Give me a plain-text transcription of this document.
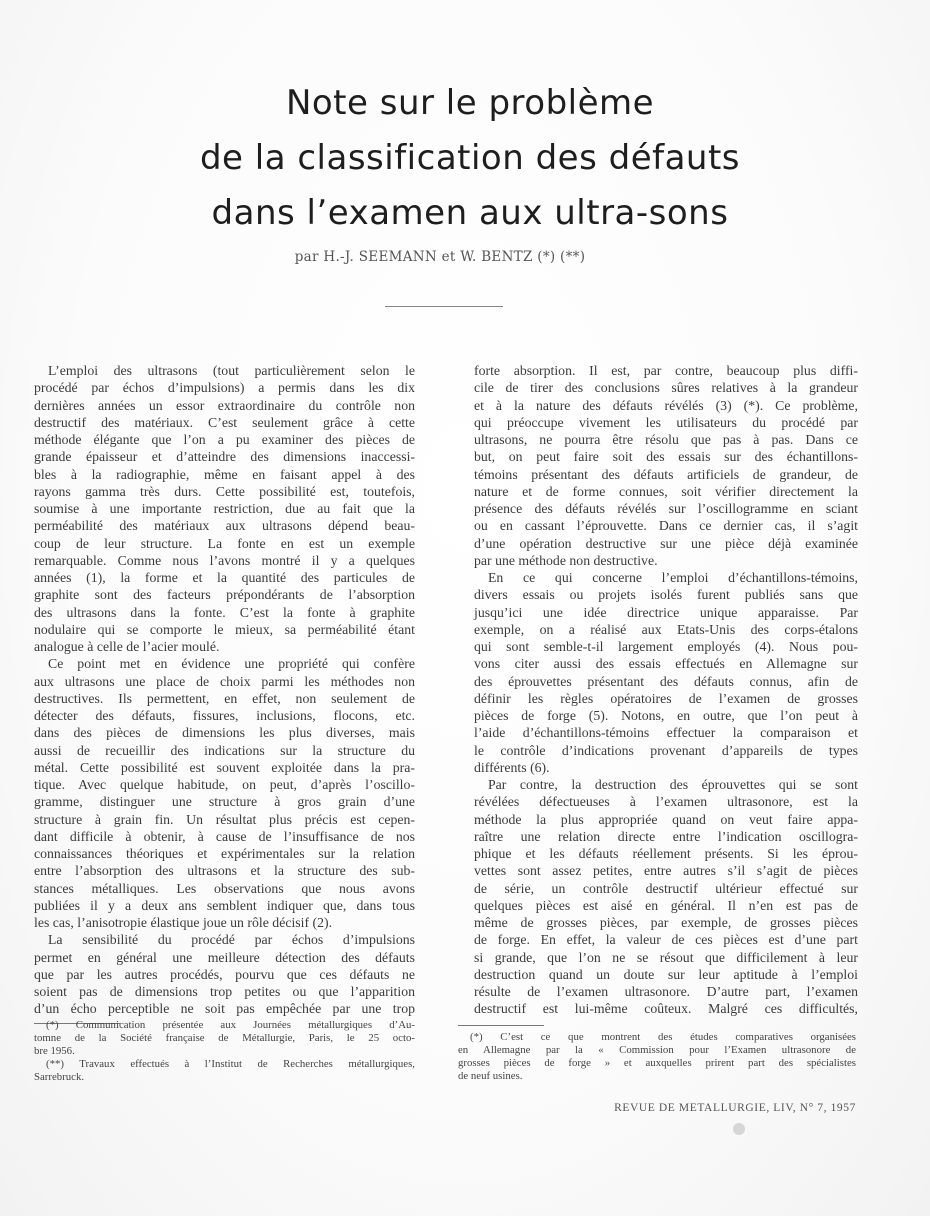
Note sur le problème
de la classification des défauts
dans l’examen aux ultra-sons
par H.-J. SEEMANN et W. BENTZ (*) (**)
L’emploi des ultrasons (tout particulièrement selon le
procédé par échos d’impulsions) a permis dans les dix
dernières années un essor extraordinaire du contrôle non
destructif des matériaux. C’est seulement grâce à cette
méthode élégante que l’on a pu examiner des pièces de
grande épaisseur et d’atteindre des dimensions inaccessi-
bles à la radiographie, même en faisant appel à des
rayons gamma très durs. Cette possibilité est, toutefois,
soumise à une importante restriction, due au fait que la
perméabilité des matériaux aux ultrasons dépend beau-
coup de leur structure. La fonte en est un exemple
remarquable. Comme nous l’avons montré il y a quelques
années (1), la forme et la quantité des particules de
graphite sont des facteurs prépondérants de l’absorption
des ultrasons dans la fonte. C’est la fonte à graphite
nodulaire qui se comporte le mieux, sa perméabilité étant
analogue à celle de l’acier moulé.
Ce point met en évidence une propriété qui confère
aux ultrasons une place de choix parmi les méthodes non
destructives. Ils permettent, en effet, non seulement de
détecter des défauts, fissures, inclusions, flocons, etc.
dans des pièces de dimensions les plus diverses, mais
aussi de recueillir des indications sur la structure du
métal. Cette possibilité est souvent exploitée dans la pra-
tique. Avec quelque habitude, on peut, d’après l’oscillo-
gramme, distinguer une structure à gros grain d’une
structure à grain fin. Un résultat plus précis est cepen-
dant difficile à obtenir, à cause de l’insuffisance de nos
connaissances théoriques et expérimentales sur la relation
entre l’absorption des ultrasons et la structure des sub-
stances métalliques. Les observations que nous avons
publiées il y a deux ans semblent indiquer que, dans tous
les cas, l’anisotropie élastique joue un rôle décisif (2).
La sensibilité du procédé par échos d’impulsions
permet en général une meilleure détection des défauts
que par les autres procédés, pourvu que ces défauts ne
soient pas de dimensions trop petites ou que l’apparition
d’un écho perceptible ne soit pas empêchée par une trop
forte absorption. Il est, par contre, beaucoup plus diffi-
cile de tirer des conclusions sûres relatives à la grandeur
et à la nature des défauts révélés (3) (*). Ce problème,
qui préoccupe vivement les utilisateurs du procédé par
ultrasons, ne pourra être résolu que pas à pas. Dans ce
but, on peut faire soit des essais sur des échantillons-
témoins présentant des défauts artificiels de grandeur, de
nature et de forme connues, soit vérifier directement la
présence des défauts révélés sur l’oscillogramme en sciant
ou en cassant l’éprouvette. Dans ce dernier cas, il s’agit
d’une opération destructive sur une pièce déjà examinée
par une méthode non destructive.
En ce qui concerne l’emploi d’échantillons-témoins,
divers essais ou projets isolés furent publiés sans que
jusqu’ici une idée directrice unique apparaisse. Par
exemple, on a réalisé aux Etats-Unis des corps-étalons
qui sont semble-t-il largement employés (4). Nous pou-
vons citer aussi des essais effectués en Allemagne sur
des éprouvettes présentant des défauts connus, afin de
définir les règles opératoires de l’examen de grosses
pièces de forge (5). Notons, en outre, que l’on peut à
l’aide d’échantillons-témoins effectuer la comparaison et
le contrôle d’indications provenant d’appareils de types
différents (6).
Par contre, la destruction des éprouvettes qui se sont
révélées défectueuses à l’examen ultrasonore, est la
méthode la plus appropriée quand on veut faire appa-
raître une relation directe entre l’indication oscillogra-
phique et les défauts réellement présents. Si les éprou-
vettes sont assez petites, entre autres s’il s’agit de pièces
de série, un contrôle destructif ultérieur effectué sur
quelques pièces est aisé en général. Il n’en est pas de
même de grosses pièces, par exemple, de grosses pièces
de forge. En effet, la valeur de ces pièces est d’une part
si grande, que l’on ne se résout que difficilement à leur
destruction quand un doute sur leur aptitude à l’emploi
résulte de l’examen ultrasonore. D’autre part, l’examen
destructif est lui-même coûteux. Malgré ces difficultés,
(*) Communication présentée aux Journées métallurgiques d’Au-
tomne de la Société française de Métallurgie, Paris, le 25 octo-
bre 1956.
(**) Travaux effectués à l’Institut de Recherches métallurgiques,
Sarrebruck.
(*) C’est ce que montrent des études comparatives organisées
en Allemagne par la « Commission pour l’Examen ultrasonore de
grosses pièces de forge » et auxquelles prirent part des spécialistes
de neuf usines.
REVUE DE METALLURGIE, LIV, N° 7, 1957
